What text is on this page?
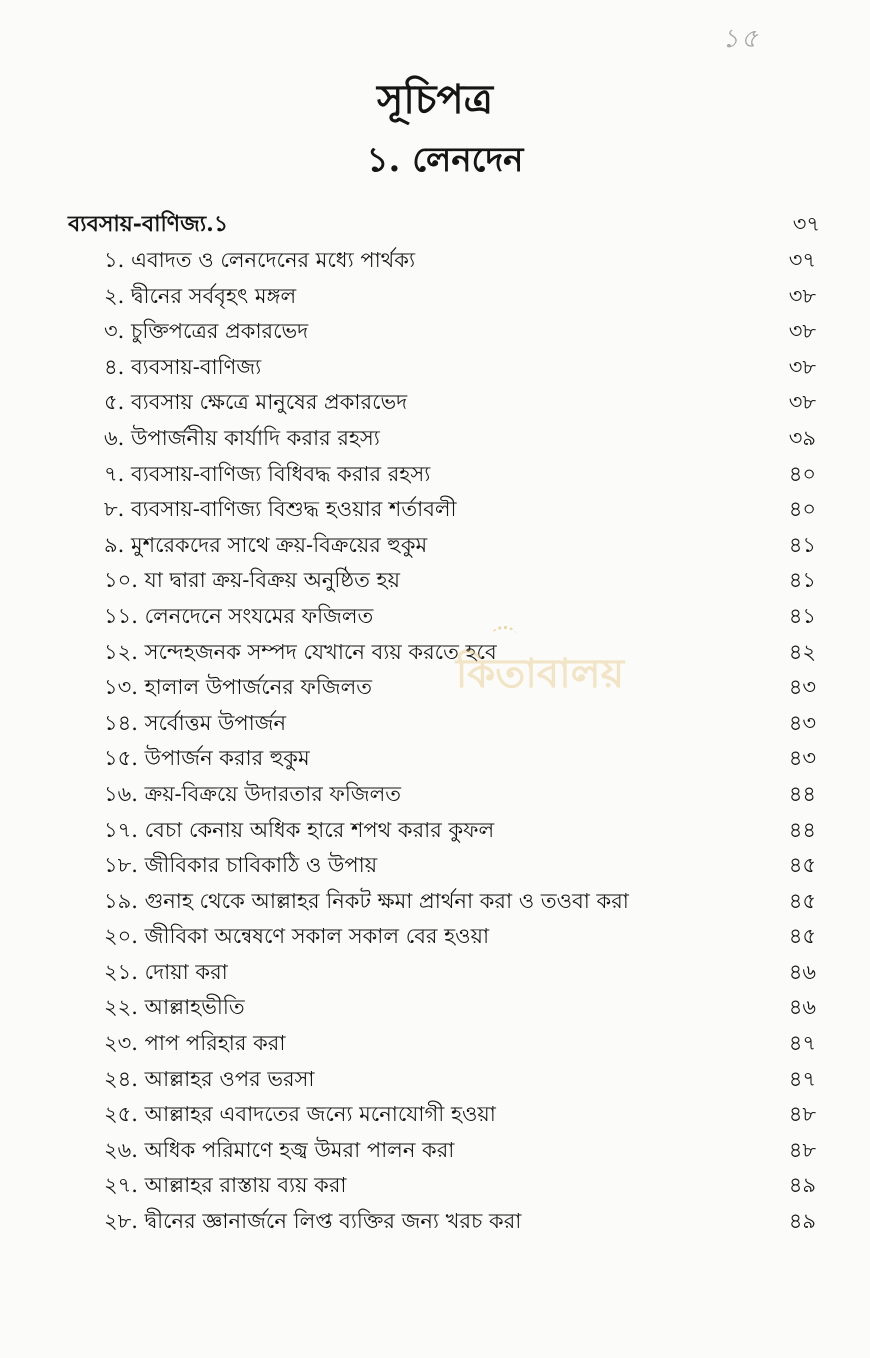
১৫
সূচিপত্র
১. লেনদেন
ব্যবসায়-বাণিজ্য.১	৩৭
১. এবাদত ও লেনদেনের মধ্যে পার্থক্য	৩৭
২. দ্বীনের সর্ববৃহৎ মঙ্গল	৩৮
৩. চুক্তিপত্রের প্রকারভেদ	৩৮
৪. ব্যবসায়-বাণিজ্য	৩৮
৫. ব্যবসায় ক্ষেত্রে মানুষের প্রকারভেদ	৩৮
৬. উপার্জনীয় কার্যাদি করার রহস্য	৩৯
৭. ব্যবসায়-বাণিজ্য বিধিবদ্ধ করার রহস্য	৪০
৮. ব্যবসায়-বাণিজ্য বিশুদ্ধ হওয়ার শর্তাবলী	৪০
৯. মুশরেকদের সাথে ক্রয়-বিক্রয়ের হুকুম	৪১
১০. যা দ্বারা ক্রয়-বিক্রয় অনুষ্ঠিত হয়	৪১
১১. লেনদেনে সংযমের ফজিলত	৪১
১২. সন্দেহজনক সম্পদ যেখানে ব্যয় করতে হবে	৪২
১৩. হালাল উপার্জনের ফজিলত	৪৩
১৪. সর্বোত্তম উপার্জন	৪৩
১৫. উপার্জন করার হুকুম	৪৩
১৬. ক্রয়-বিক্রয়ে উদারতার ফজিলত	৪৪
১৭. বেচা কেনায় অধিক হারে শপথ করার কুফল	৪৪
১৮. জীবিকার চাবিকাঠি ও উপায়	৪৫
১৯. গুনাহ থেকে আল্লাহর নিকট ক্ষমা প্রার্থনা করা ও তওবা করা	৪৫
২০. জীবিকা অন্বেষণে সকাল সকাল বের হওয়া	৪৫
২১. দোয়া করা	৪৬
২২. আল্লাহভীতি	৪৬
২৩. পাপ পরিহার করা	৪৭
২৪. আল্লাহর ওপর ভরসা	৪৭
২৫. আল্লাহর এবাদতের জন্যে মনোযোগী হওয়া	৪৮
২৬. অধিক পরিমাণে হজ্ব উমরা পালন করা	৪৮
২৭. আল্লাহর রাস্তায় ব্যয় করা	৪৯
২৮. দ্বীনের জ্ঞানার্জনে লিপ্ত ব্যক্তির জন্য খরচ করা	৪৯
কিতাবালয়
